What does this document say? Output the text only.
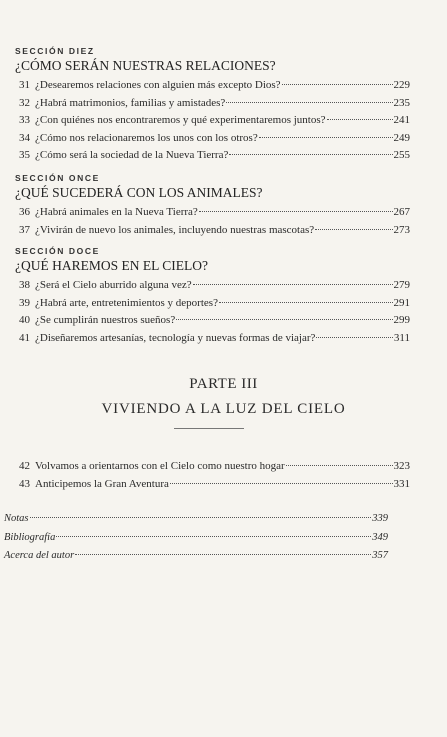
SECCIÓN DIEZ
¿CÓMO SERÁN NUESTRAS RELACIONES?
31 ¿Desearemos relaciones con alguien más excepto Dios?	229
32 ¿Habrá matrimonios, familias y amistades?	235
33 ¿Con quiénes nos encontraremos y qué experimentaremos juntos?	241
34 ¿Cómo nos relacionaremos los unos con los otros?	249
35 ¿Cómo será la sociedad de la Nueva Tierra?	255
SECCIÓN ONCE
¿QUÉ SUCEDERÁ CON LOS ANIMALES?
36 ¿Habrá animales en la Nueva Tierra?	267
37 ¿Vivirán de nuevo los animales, incluyendo nuestras mascotas?	273
SECCIÓN DOCE
¿QUÉ HAREMOS EN EL CIELO?
38 ¿Será el Cielo aburrido alguna vez?	279
39 ¿Habrá arte, entretenimientos y deportes?	291
40 ¿Se cumplirán nuestros sueños?	299
41 ¿Diseñaremos artesanías, tecnología y nuevas formas de viajar?	311
PARTE III
VIVIENDO A LA LUZ DEL CIELO
42 Volvamos a orientarnos con el Cielo como nuestro hogar	323
43 Anticipemos la Gran Aventura	331
Notas	339
Bibliografía	349
Acerca del autor	357
